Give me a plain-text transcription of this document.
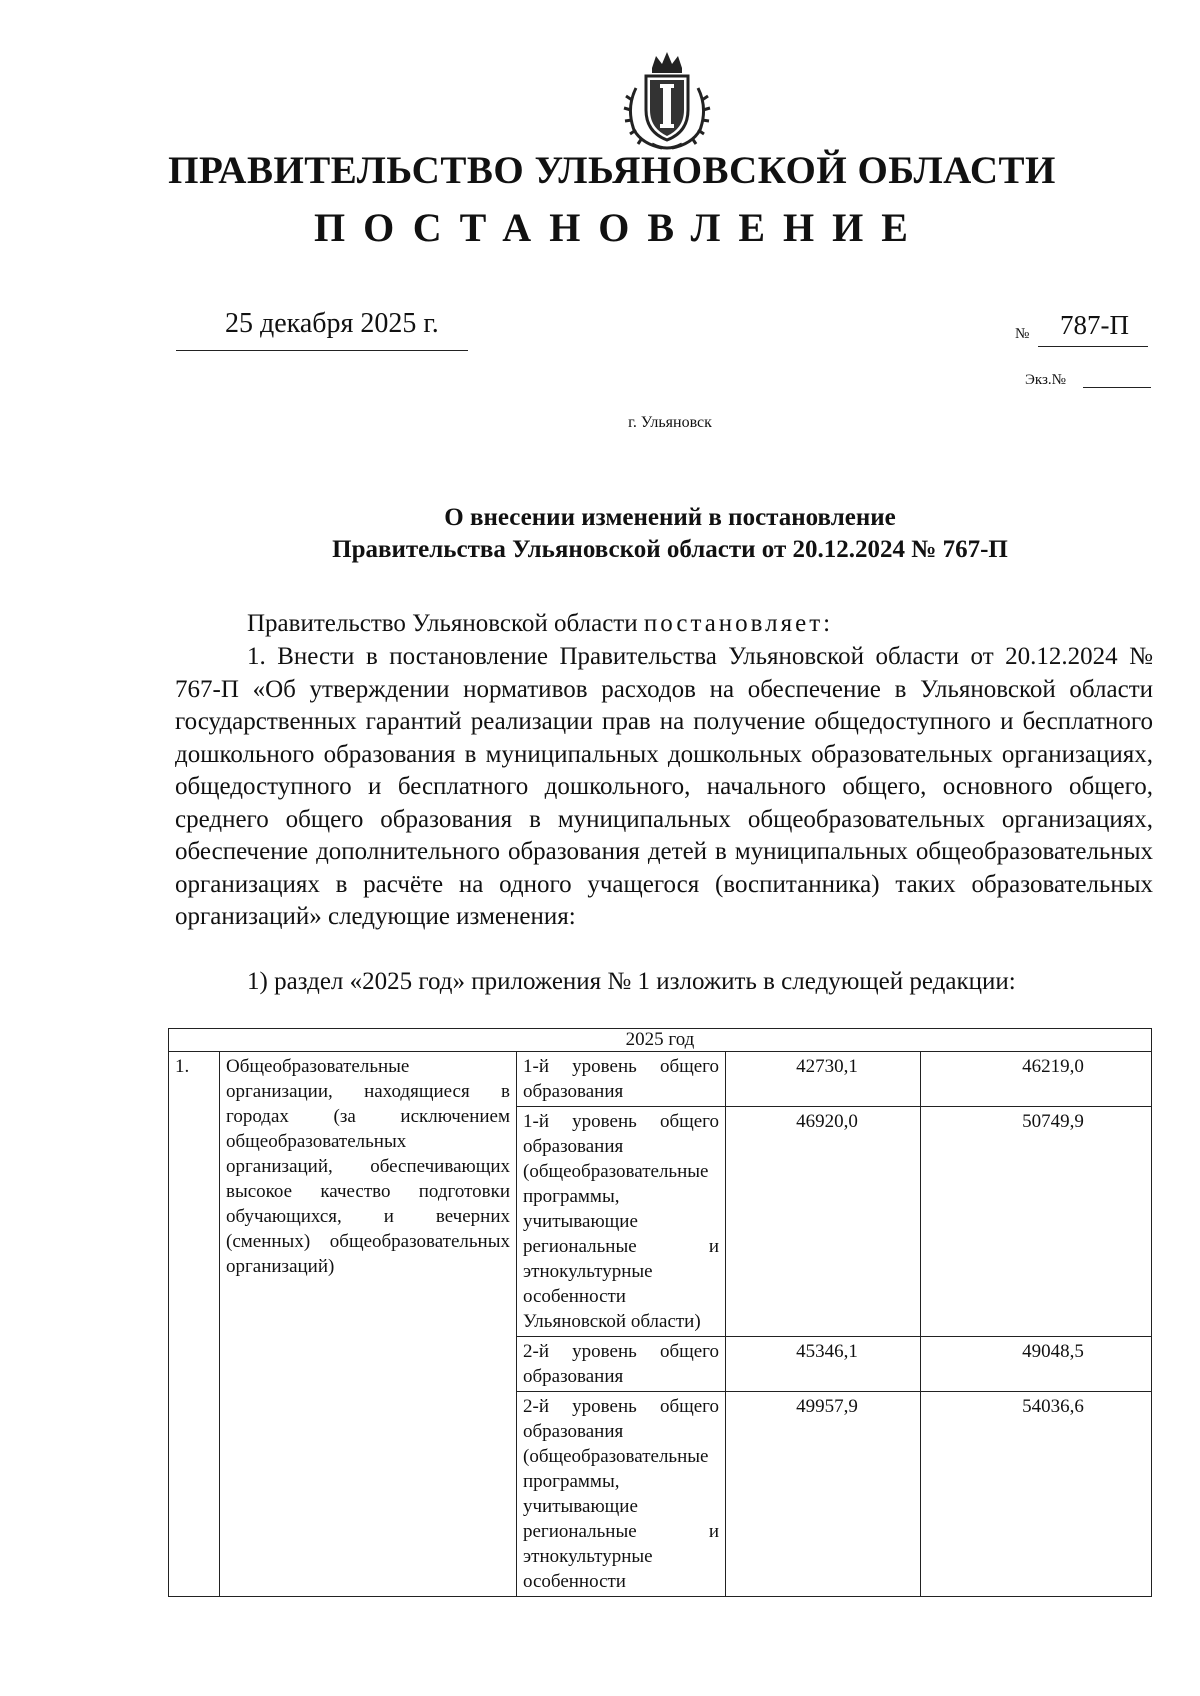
ПРАВИТЕЛЬСТВО УЛЬЯНОВСКОЙ ОБЛАСТИ
ПОСТАНОВЛЕНИЕ
25 декабря 2025 г.	№ 787-П
Экз.№
г. Ульяновск
О внесении изменений в постановление
Правительства Ульяновской области от 20.12.2024 № 767-П
Правительство Ульяновской области постановляет:
1. Внести в постановление Правительства Ульяновской области от 20.12.2024 № 767-П «Об утверждении нормативов расходов на обеспечение в Ульяновской области государственных гарантий реализации прав на получение общедоступного и бесплатного дошкольного образования в муниципальных дошкольных образовательных организациях, общедоступного и бесплатного дошкольного, начального общего, основного общего, среднего общего образования в муниципальных общеобразовательных организациях, обеспечение дополнительного образования детей в муниципальных общеобразовательных организациях в расчёте на одного учащегося (воспитанника) таких образовательных организаций» следующие изменения:
1) раздел «2025 год» приложения № 1 изложить в следующей редакции:
2025 год				
1.	Общеобразовательные организации, находящиеся в городах (за исключением общеобразовательных организаций, обеспечивающих высокое качество подготовки обучающихся, и вечерних (сменных) общеобразовательных организаций)	1-й уровень общего образования	42730,1	46219,0
		1-й уровень общего образования (общеобразовательные программы, учитывающие региональные и этнокультурные особенности Ульяновской области)	46920,0	50749,9
		2-й уровень общего образования	45346,1	49048,5
		2-й уровень общего образования (общеобразовательные программы, учитывающие региональные и этнокультурные особенности	49957,9	54036,6
